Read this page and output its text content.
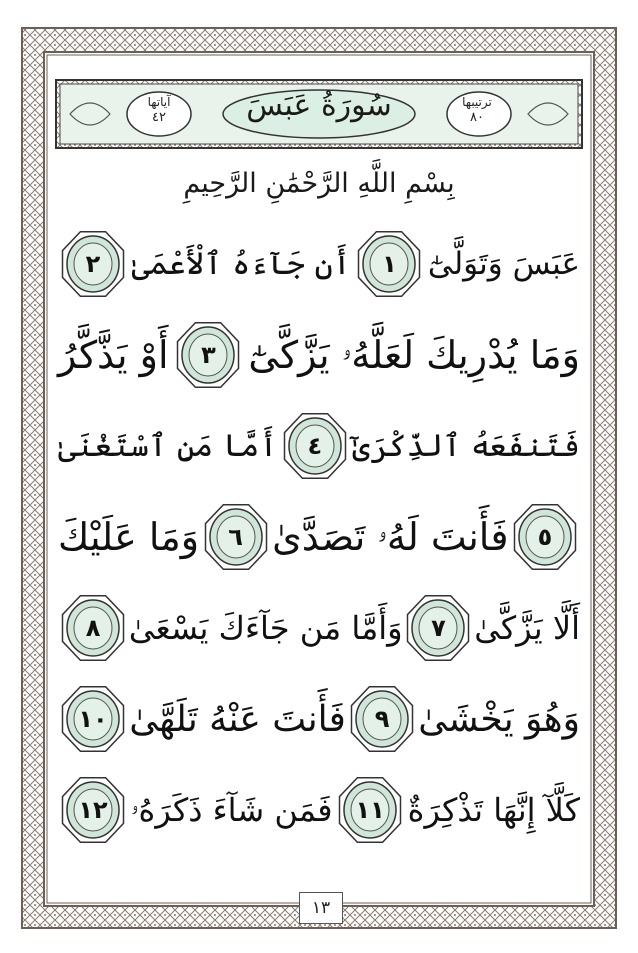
سُورَةُ عَبَسَ	ترتيبها
٨٠
آياتها
٤٢
بِسْمِ اللَّهِ الرَّحْمَٰنِ الرَّحِيمِ
عَبَسَ وَتَوَلَّىٰٓ
١
أَن جَآءَهُ ٱلْأَعْمَىٰ
٢
وَمَا يُدْرِيكَ لَعَلَّهُۥ يَزَّكَّىٰٓ
٣
أَوْ يَذَّكَّرُ
فَتَنفَعَهُ ٱلذِّكْرَىٰٓ
٤
أَمَّا مَنِ ٱسْتَغْنَىٰ
٥
فَأَنتَ لَهُۥ تَصَدَّىٰ
٦
وَمَا عَلَيْكَ
أَلَّا يَزَّكَّىٰ
٧
وَأَمَّا مَن جَآءَكَ يَسْعَىٰ
٨
وَهُوَ يَخْشَىٰ
٩
فَأَنتَ عَنْهُ تَلَهَّىٰ
١٠
كَلَّآ إِنَّهَا تَذْكِرَةٌ
١١
فَمَن شَآءَ ذَكَرَهُۥ
١٢
١٣
